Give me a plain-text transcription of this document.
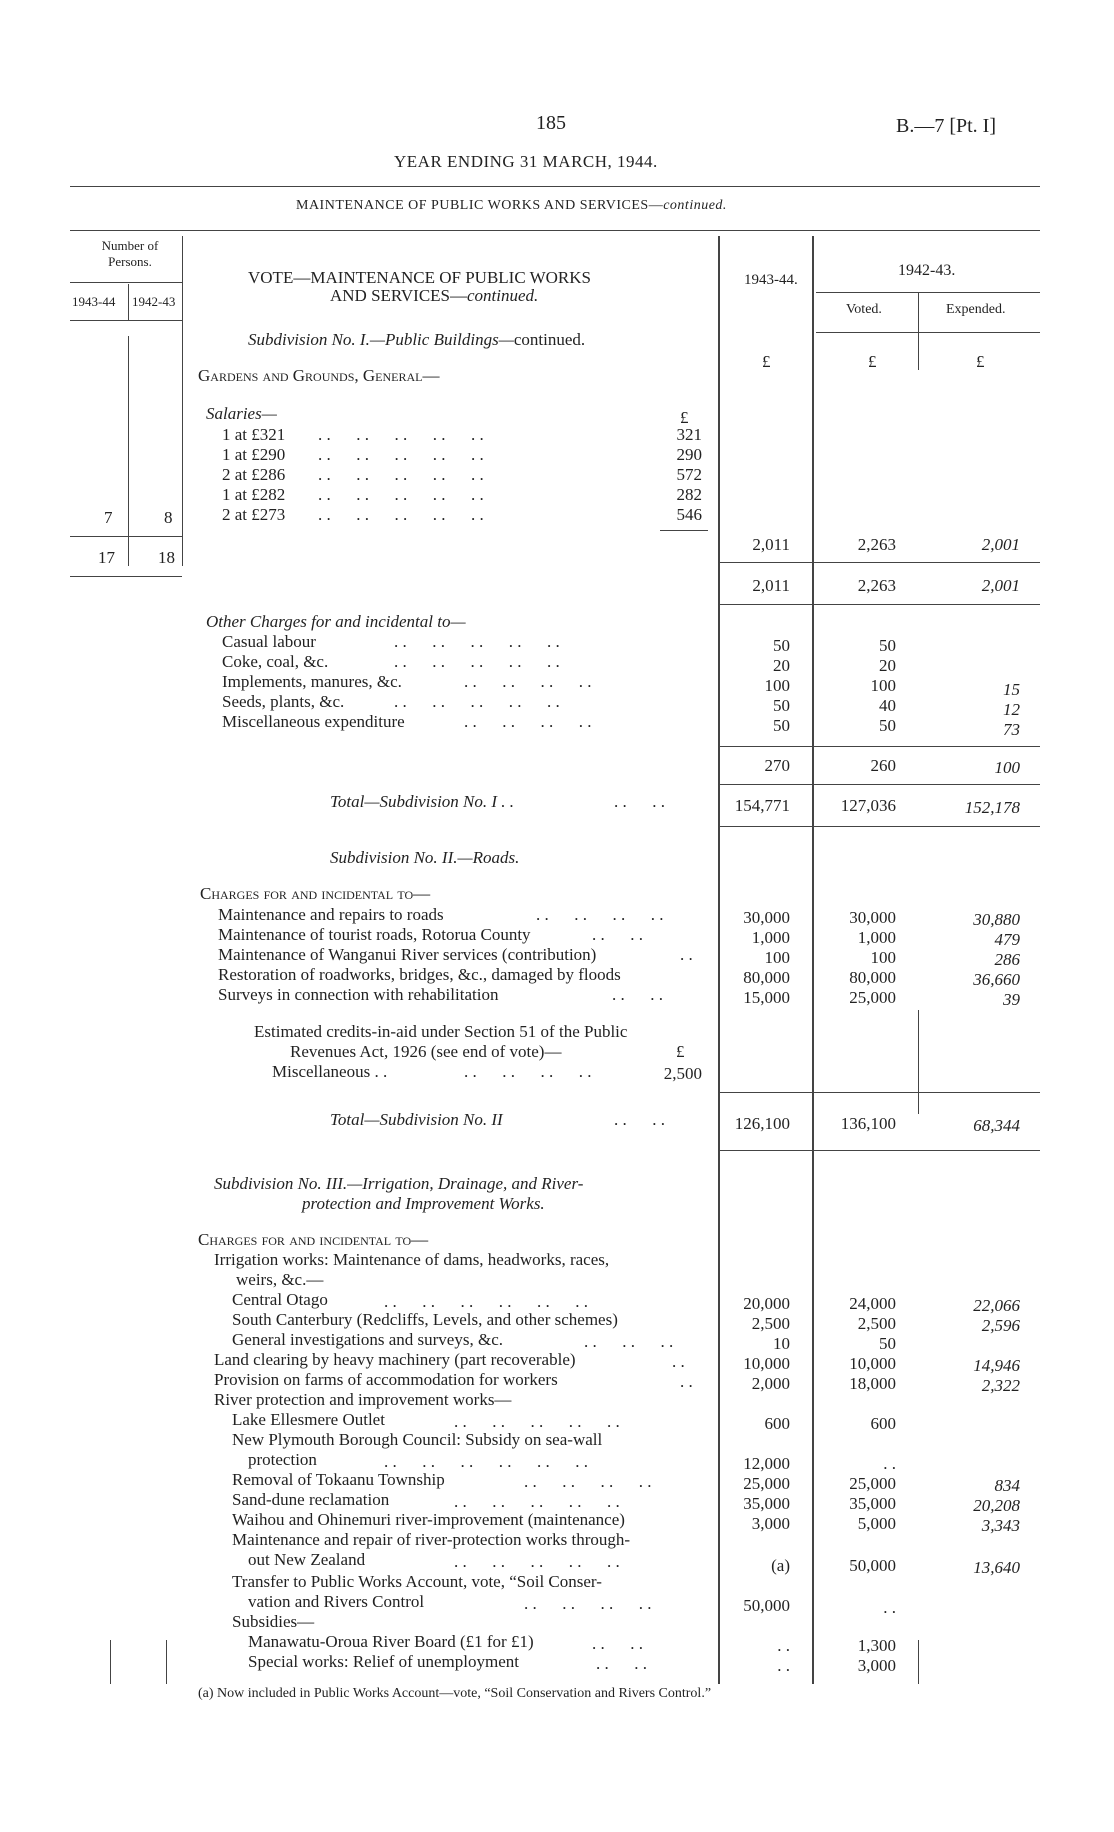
185	B.—7 [Pt. I]
YEAR ENDING 31 MARCH, 1944.
MAINTENANCE OF PUBLIC WORKS AND SERVICES—continued.
Number of Persons.
1943-44 1942-43
VOTE—MAINTENANCE OF PUBLIC WORKS
AND SERVICES—continued.
1943-44.
1942-43.
Voted.	Expended.
£	£	£
Subdivision No. I.—Public Buildings—continued.
Gardens and Grounds, General—
Salaries—	£
1 at £321 . .      . .      . .      . .      . .	321
1 at £290 . .      . .      . .      . .      . .	290
2 at £286 . .      . .      . .      . .      . .	572
1 at £282 . .      . .      . .      . .      . .	282
2 at £273 . .      . .      . .      . .      . .	546
7	8
2,011	2,263	2,001
17	18
2,011	2,263	2,001
Other Charges for and incidental to—
Casual labour	. .      . .      . .      . .      . .	50	50
Coke, coal, &c.	. .      . .      . .      . .      . .	20	20
Implements, manures, &c.	. .      . .      . .      . .	100	100	15
Seeds, plants, &c.	. .      . .      . .      . .      . .	50	40	12
Miscellaneous expenditure	. .      . .      . .      . .	50	50	73
270	260	100
Total—Subdivision No. I . .	. .      . .	154,771	127,036	152,178
Subdivision No. II.—Roads.
Charges for and incidental to—
Maintenance and repairs to roads	. .      . .      . .      . .	30,000	30,000	30,880
Maintenance of tourist roads, Rotorua County	. .      . .	1,000	1,000	479
Maintenance of Wanganui River services (contribution)	. .	100	100	286
Restoration of roadworks, bridges, &c., damaged by floods	80,000	80,000	36,660
Surveys in connection with rehabilitation	. .      . .	15,000	25,000	39
Estimated credits-in-aid under Section 51 of the Public
Revenues Act, 1926 (see end of vote)—	£
Miscellaneous . .	. .      . .      . .      . .	2,500
Total—Subdivision No. II	. .      . .	126,100	136,100	68,344
Subdivision No. III.—Irrigation, Drainage, and River-
protection and Improvement Works.
Charges for and incidental to—
Irrigation works: Maintenance of dams, headworks, races,
weirs, &c.—
Central Otago	. .      . .      . .      . .      . .      . .	20,000	24,000	22,066
South Canterbury (Redcliffs, Levels, and other schemes)	2,500	2,500	2,596
General investigations and surveys, &c.	. .      . .      . .	10	50
Land clearing by heavy machinery (part recoverable)	. .	10,000	10,000	14,946
Provision on farms of accommodation for workers	. .	2,000	18,000	2,322
River protection and improvement works—
Lake Ellesmere Outlet	. .      . .      . .      . .      . .	600	600
New Plymouth Borough Council: Subsidy on sea-wall
protection	. .      . .      . .      . .      . .      . .	12,000	. .
Removal of Tokaanu Township	. .      . .      . .      . .	25,000	25,000	834
Sand-dune reclamation	. .      . .      . .      . .      . .	35,000	35,000	20,208
Waihou and Ohinemuri river-improvement (maintenance)	3,000	5,000	3,343
Maintenance and repair of river-protection works through-
out New Zealand	. .      . .      . .      . .      . .	(a)	50,000	13,640
Transfer to Public Works Account, vote, “Soil Conser-
vation and Rivers Control	. .      . .      . .      . .	50,000	. .
Subsidies—
Manawatu-Oroua River Board (£1 for £1)	. .      . .	. .	1,300
Special works: Relief of unemployment	. .      . .	. .	3,000
(a) Now included in Public Works Account—vote, “Soil Conservation and Rivers Control.”
